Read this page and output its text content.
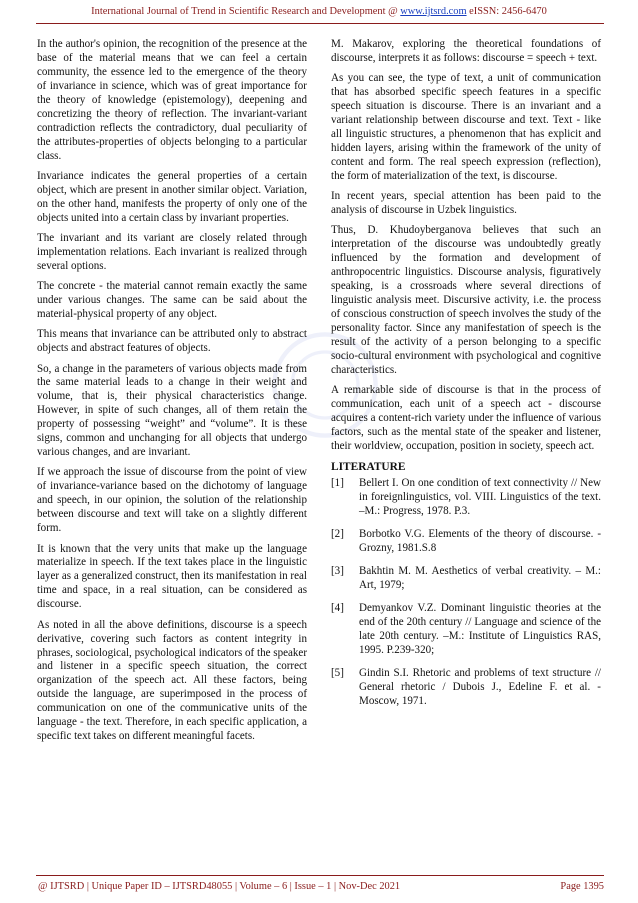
International Journal of Trend in Scientific Research and Development @ www.ijtsrd.com eISSN: 2456-6470

In the author's opinion, the recognition of the presence at the base of the material means that we can feel a certain community, the essence led to the emergence of the theory of invariance in science, which was of great importance for the theory of knowledge (epistemology), deepening and concretizing the theory of reflection. The invariant-variant contradiction reflects the contradictory, dual peculiarity of the attributes-properties of objects belonging to a particular class.

Invariance indicates the general properties of a certain object, which are present in another similar object. Variation, on the other hand, manifests the property of only one of the objects united into a certain class by invariant properties.

The invariant and its variant are closely related through implementation relations. Each invariant is realized through several options.

The concrete - the material cannot remain exactly the same under various changes. The same can be said about the material-physical property of any object.

This means that invariance can be attributed only to abstract objects and abstract features of objects.

So, a change in the parameters of various objects made from the same material leads to a change in their weight and volume, that is, their physical characteristics change. However, in spite of such changes, all of them retain the property of possessing “weight” and “volume”. It is these signs, common and unchanging for all objects that undergo various changes, and are invariant.

If we approach the issue of discourse from the point of view of invariance-variance based on the dichotomy of language and speech, in our opinion, the solution of the relationship between discourse and text will take on a slightly different form.

It is known that the very units that make up the language materialize in speech. If the text takes place in the linguistic layer as a generalized construct, then its manifestation in real time and space, in a real situation, can be considered as discourse.

As noted in all the above definitions, discourse is a speech derivative, covering such factors as content integrity in phrases, sociological, psychological indicators of the speaker and listener in a specific speech situation, the correct organization of the speech act. All these factors, being outside the language, are superimposed in the process of communication on one of the communicative units of the language - the text. Therefore, in each specific application, a specific text takes on different meaningful facets.

M. Makarov, exploring the theoretical foundations of discourse, interprets it as follows: discourse = speech + text.

As you can see, the type of text, a unit of communication that has absorbed specific speech features in a specific speech situation is discourse. There is an invariant and a variant relationship between discourse and text. Text - like all linguistic structures, a phenomenon that has explicit and hidden layers, arising within the framework of the unity of content and form. The real speech expression (reflection), the form of materialization of the text, is discourse.

In recent years, special attention has been paid to the analysis of discourse in Uzbek linguistics.

Thus, D. Khudoyberganova believes that such an interpretation of the discourse was undoubtedly greatly influenced by the formation and development of anthropocentric linguistics. Discourse analysis, figuratively speaking, is a crossroads where several directions of linguistic analysis meet. Discursive activity, i.e. the process of conscious construction of speech involves the study of the personality factor. Since any manifestation of speech is the result of the activity of a person belonging to a specific socio-cultural environment with psychological and cognitive characteristics.

A remarkable side of discourse is that in the process of communication, each unit of a speech act - discourse acquires a content-rich variety under the influence of various factors, such as the mental state of the speaker and listener, their worldview, occupation, position in society, speech act.

LITERATURE
[1] Bellert I. On one condition of text connectivity // New in foreignlinguistics, vol. VIII. Linguistics of the text. –M.: Progress, 1978. P.3.
[2] Borbotko V.G. Elements of the theory of discourse. - Grozny, 1981.S.8
[3] Bakhtin M. M. Aesthetics of verbal creativity. – M.: Art, 1979;
[4] Demyankov V.Z. Dominant linguistic theories at the end of the 20th century // Language and science of the late 20th century. –M.: Institute of Linguistics RAS, 1995. P.239-320;
[5] Gindin S.I. Rhetoric and problems of text structure // General rhetoric / Dubois J., Edeline F. et al. - Moscow, 1971.
@ IJTSRD | Unique Paper ID – IJTSRD48055 | Volume – 6 | Issue – 1 | Nov-Dec 2021	Page 1395
